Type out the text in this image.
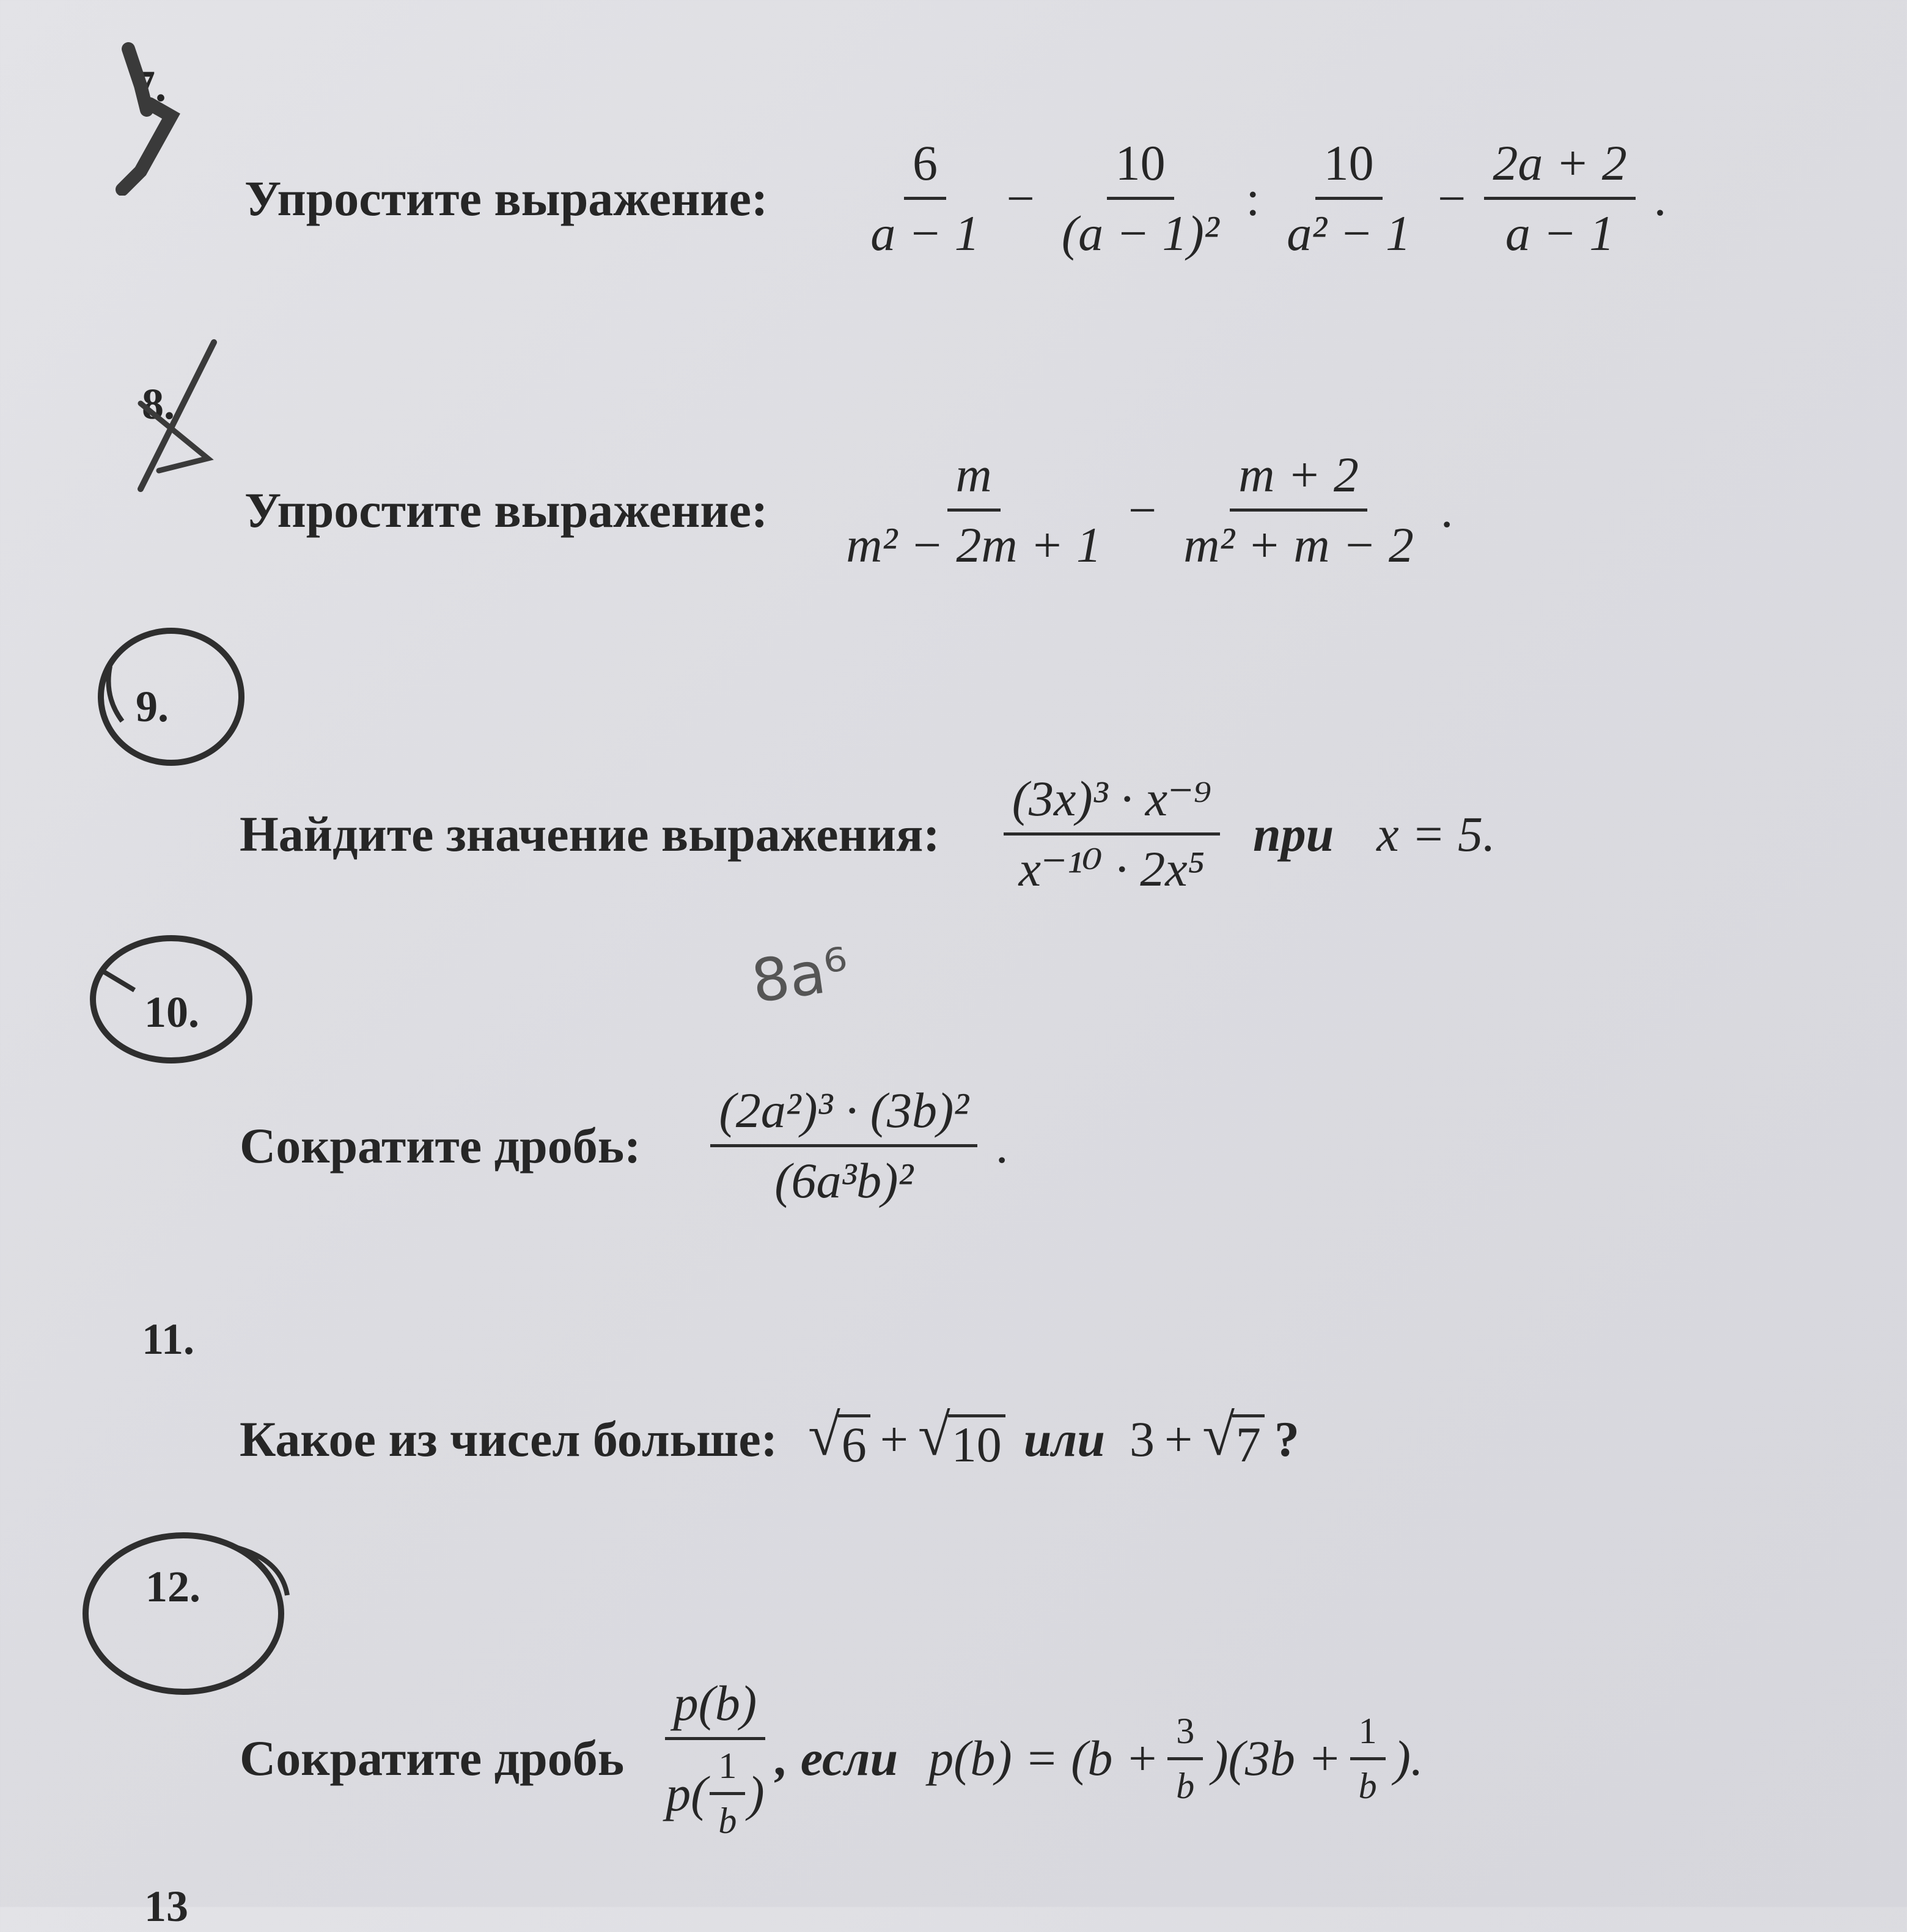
7.
Упростите выражение: $\frac{6}{a - 1} - \frac{10}{\text{(a − 1)²}}$ : $\frac{10}{\text{a² − 1}} - \frac{2a + 2}{a - 1}$ .
8.
Упростите выражение: $\frac{m}{\text{m² − 2m + 1}} - \frac{m + 2}{\text{m² + m − 2}}$ .
9.
Найдите значение выражения: $\frac{\text{(3x)³ · x⁻⁹}}{\text{x⁻¹⁰ · 2x⁵}}$ при x = 5.
10.	8a⁶
Сократите дробь: $\frac{\text{(2a²)³ · (3b)²}}{\text{(6a³b)²}}$ .
11.
Какое из чисел больше: √ 6 + √ 10 или 3 + √ 7 ?
12.
Сократите дробь $\frac{p(b)}{p( \frac{1}{b} )}$ , если $p(b) = (b + \frac{3}{b} )(3b + \frac{1}{b}$ ).
13
